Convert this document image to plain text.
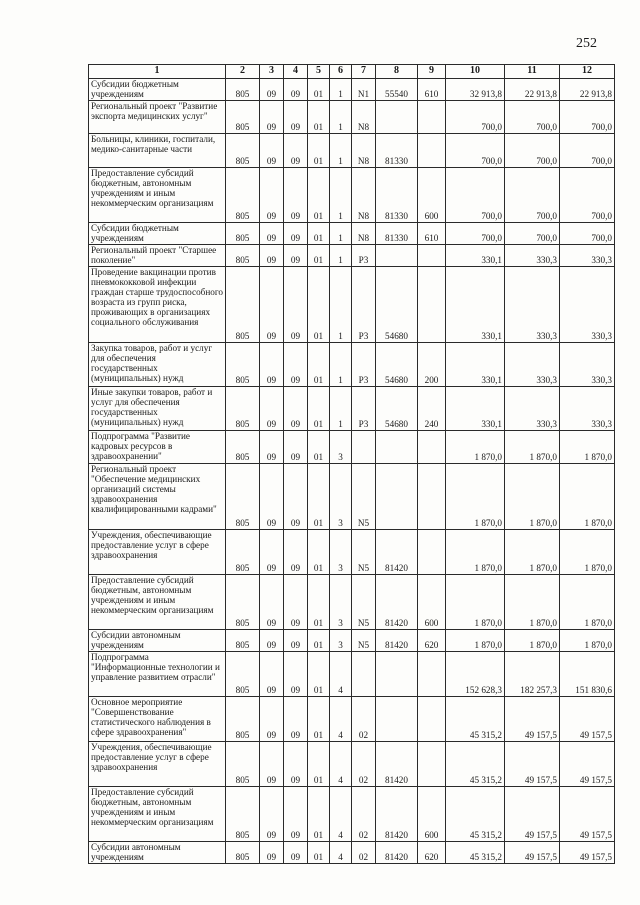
252
1	2	3	4	5	6	7	8	9	10	11	12
Субсидии бюджетным учреждениям	805	09	09	01	1	N1	55540	610	32 913,8	22 913,8	22 913,8
Региональный проект "Развитие экспорта медицинских услуг"	805	09	09	01	1	N8			700,0	700,0	700,0
Больницы, клиники, госпитали, медико-санитарные части	805	09	09	01	1	N8	81330		700,0	700,0	700,0
Предоставление субсидий бюджетным, автономным учреждениям и иным некоммерческим организациям	805	09	09	01	1	N8	81330	600	700,0	700,0	700,0
Субсидии бюджетным учреждениям	805	09	09	01	1	N8	81330	610	700,0	700,0	700,0
Региональный проект "Старшее поколение"	805	09	09	01	1	P3			330,1	330,3	330,3
Проведение вакцинации против пневмококковой инфекции граждан старше трудоспособного возраста из групп риска, проживающих в организациях социального обслуживания	805	09	09	01	1	P3	54680		330,1	330,3	330,3
Закупка товаров, работ и услуг для обеспечения государственных (муниципальных) нужд	805	09	09	01	1	P3	54680	200	330,1	330,3	330,3
Иные закупки товаров, работ и услуг для обеспечения государственных (муниципальных) нужд	805	09	09	01	1	P3	54680	240	330,1	330,3	330,3
Подпрограмма "Развитие кадровых ресурсов в здравоохранении"	805	09	09	01	3				1 870,0	1 870,0	1 870,0
Региональный проект "Обеспечение медицинских организаций системы здравоохранения квалифицированными кадрами"	805	09	09	01	3	N5			1 870,0	1 870,0	1 870,0
Учреждения, обеспечивающие предоставление услуг в сфере здравоохранения	805	09	09	01	3	N5	81420		1 870,0	1 870,0	1 870,0
Предоставление субсидий бюджетным, автономным учреждениям и иным некоммерческим организациям	805	09	09	01	3	N5	81420	600	1 870,0	1 870,0	1 870,0
Субсидии автономным учреждениям	805	09	09	01	3	N5	81420	620	1 870,0	1 870,0	1 870,0
Подпрограмма "Информационные технологии и управление развитием отрасли"	805	09	09	01	4				152 628,3	182 257,3	151 830,6
Основное мероприятие "Совершенствование статистического наблюдения в сфере здравоохранения"	805	09	09	01	4	02			45 315,2	49 157,5	49 157,5
Учреждения, обеспечивающие предоставление услуг в сфере здравоохранения	805	09	09	01	4	02	81420		45 315,2	49 157,5	49 157,5
Предоставление субсидий бюджетным, автономным учреждениям и иным некоммерческим организациям	805	09	09	01	4	02	81420	600	45 315,2	49 157,5	49 157,5
Субсидии автономным учреждениям	805	09	09	01	4	02	81420	620	45 315,2	49 157,5	49 157,5
